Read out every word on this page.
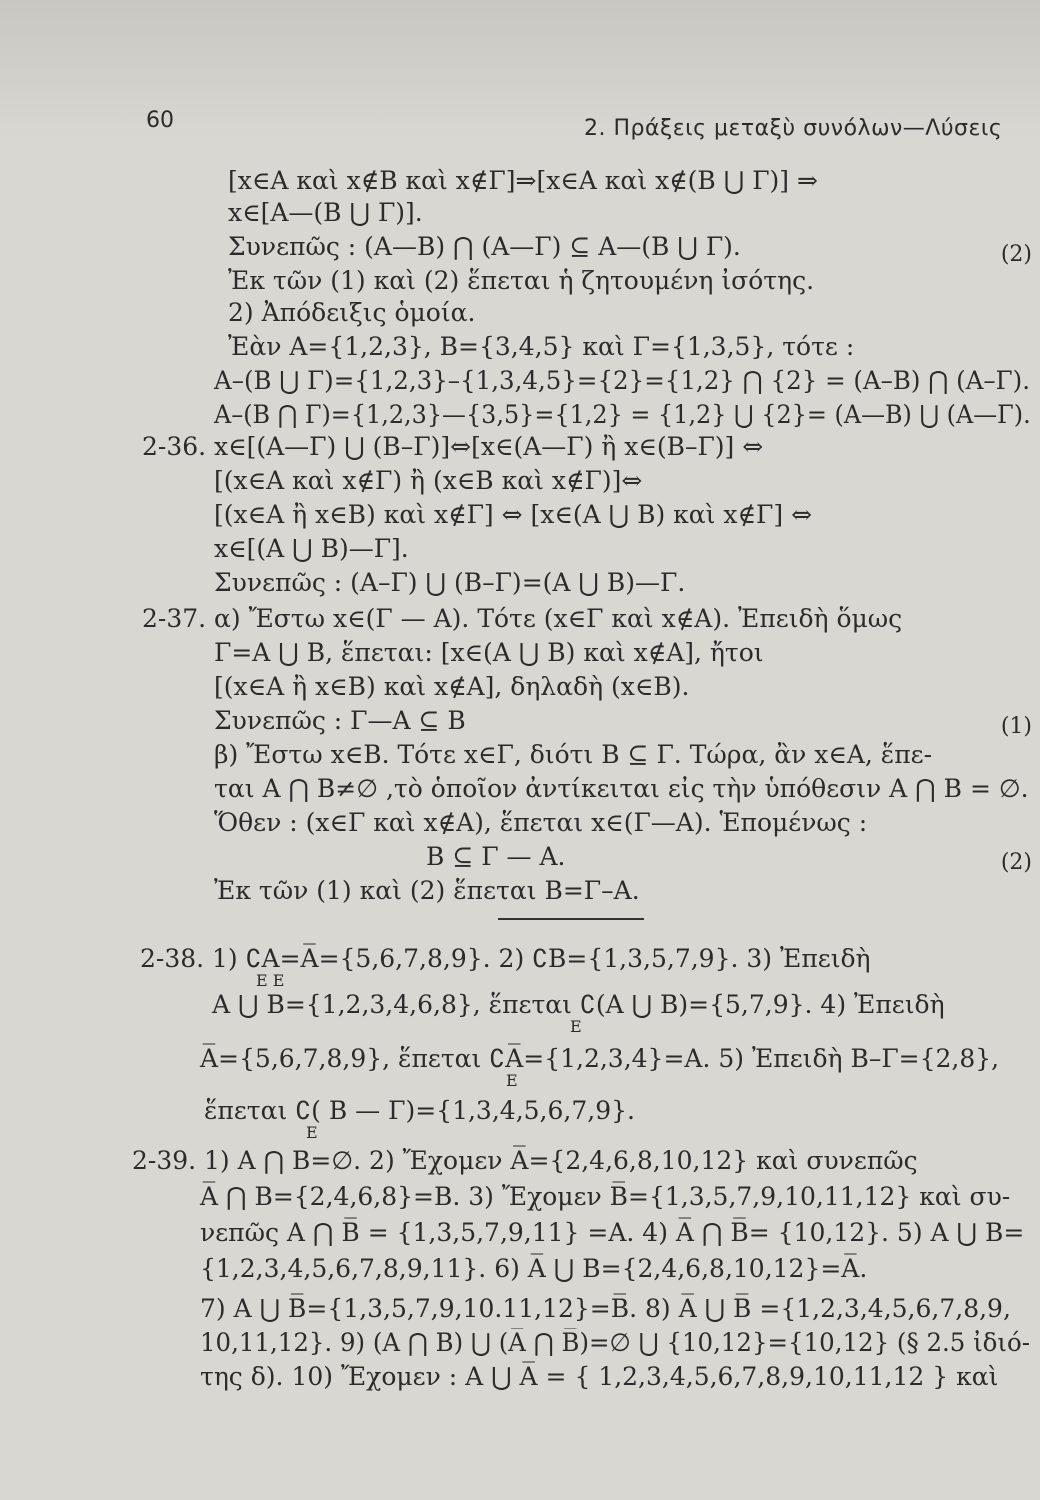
60	2. Πράξεις μεταξὺ συνόλων—Λύσεις
[x∈A καὶ x∉B καὶ x∉Γ]⇒[x∈A καὶ x∉(B ⋃ Γ)] ⇒
x∈[A—(B ⋃ Γ)].
Συνεπῶς : (A—B) ⋂ (A—Γ) ⊆ A—(B ⋃ Γ).	(2)
Ἐκ τῶν (1) καὶ (2) ἕπεται ἡ ζητουμένη ἰσότης.
2) Ἀπόδειξις ὁμοία.
Ἐὰν A={1,2,3}, B={3,4,5} καὶ Γ={1,3,5}, τότε :
A–(B ⋃ Γ)={1,2,3}–{1,3,4,5}={2}={1,2} ⋂ {2} = (A–B) ⋂ (A–Γ).
A–(B ⋂ Γ)={1,2,3}—{3,5}={1,2} = {1,2} ⋃ {2}= (A—B) ⋃ (A—Γ).
2-36. x∈[(A—Γ) ⋃ (B–Γ)]⇔[x∈(A—Γ) ἢ x∈(B–Γ)] ⇔
[(x∈A καὶ x∉Γ) ἢ (x∈B καὶ x∉Γ)]⇔
[(x∈A ἢ x∈B) καὶ x∉Γ] ⇔ [x∈(A ⋃ B) καὶ x∉Γ] ⇔
x∈[(A ⋃ B)—Γ].
Συνεπῶς : (A–Γ) ⋃ (B–Γ)=(A ⋃ B)—Γ.
2-37. α) Ἔστω x∈(Γ — A). Τότε (x∈Γ καὶ x∉A). Ἐπειδὴ ὅμως
Γ=A ⋃ B, ἕπεται: [x∈(A ⋃ B) καὶ x∉A], ἤτοι
[(x∈A ἢ x∈B) καὶ x∉A], δηλαδὴ (x∈B).
Συνεπῶς : Γ—A ⊆ B	(1)
β) Ἔστω x∈B. Τότε x∈Γ, διότι B ⊆ Γ. Τώρα, ἂν x∈A, ἕπε-
ται A ⋂ B≠∅ ,τὸ ὁποῖον ἀντίκειται εἰς τὴν ὑπόθεσιν A ⋂ B = ∅.
Ὅθεν : (x∈Γ καὶ x∉A), ἕπεται x∈(Γ—A). Ἑπομένως :
B ⊆ Γ — A.	(2)
Ἐκ τῶν (1) καὶ (2) ἕπεται B=Γ–A.
2-38. 1) ∁A=A̅={5,6,7,8,9}. 2) ∁B={1,3,5,7,9}. 3) Ἐπειδὴ
E E
A ⋃ B={1,2,3,4,6,8}, ἕπεται ∁(A ⋃ B)={5,7,9}. 4) Ἐπειδὴ
E
A̅={5,6,7,8,9}, ἕπεται ∁A̅={1,2,3,4}=A. 5) Ἐπειδὴ B–Γ={2,8},
E
ἕπεται ∁( B — Γ)={1,3,4,5,6,7,9}.
E
2-39. 1) A ⋂ B=∅. 2) Ἔχομεν A̅={2,4,6,8,10,12} καὶ συνεπῶς
A̅ ⋂ B={2,4,6,8}=B. 3) Ἔχομεν B̅={1,3,5,7,9,10,11,12} καὶ συ-
νεπῶς A ⋂ B̅ = {1,3,5,7,9,11} =A. 4) A̅ ⋂ B̅= {10,12}. 5) A ⋃ B=
{1,2,3,4,5,6,7,8,9,11}. 6) A̅ ⋃ B={2,4,6,8,10,12}=A̅.
7) A ⋃ B̅={1,3,5,7,9,10.11,12}=B̅. 8) A̅ ⋃ B̅ ={1,2,3,4,5,6,7,8,9,
10,11,12}. 9) (A ⋂ B) ⋃ (A̅ ⋂ B̅)=∅ ⋃ {10,12}={10,12} (§ 2.5 ἰδιό-
της δ). 10) Ἔχομεν : A ⋃ A̅ = { 1,2,3,4,5,6,7,8,9,10,11,12 } καὶ
